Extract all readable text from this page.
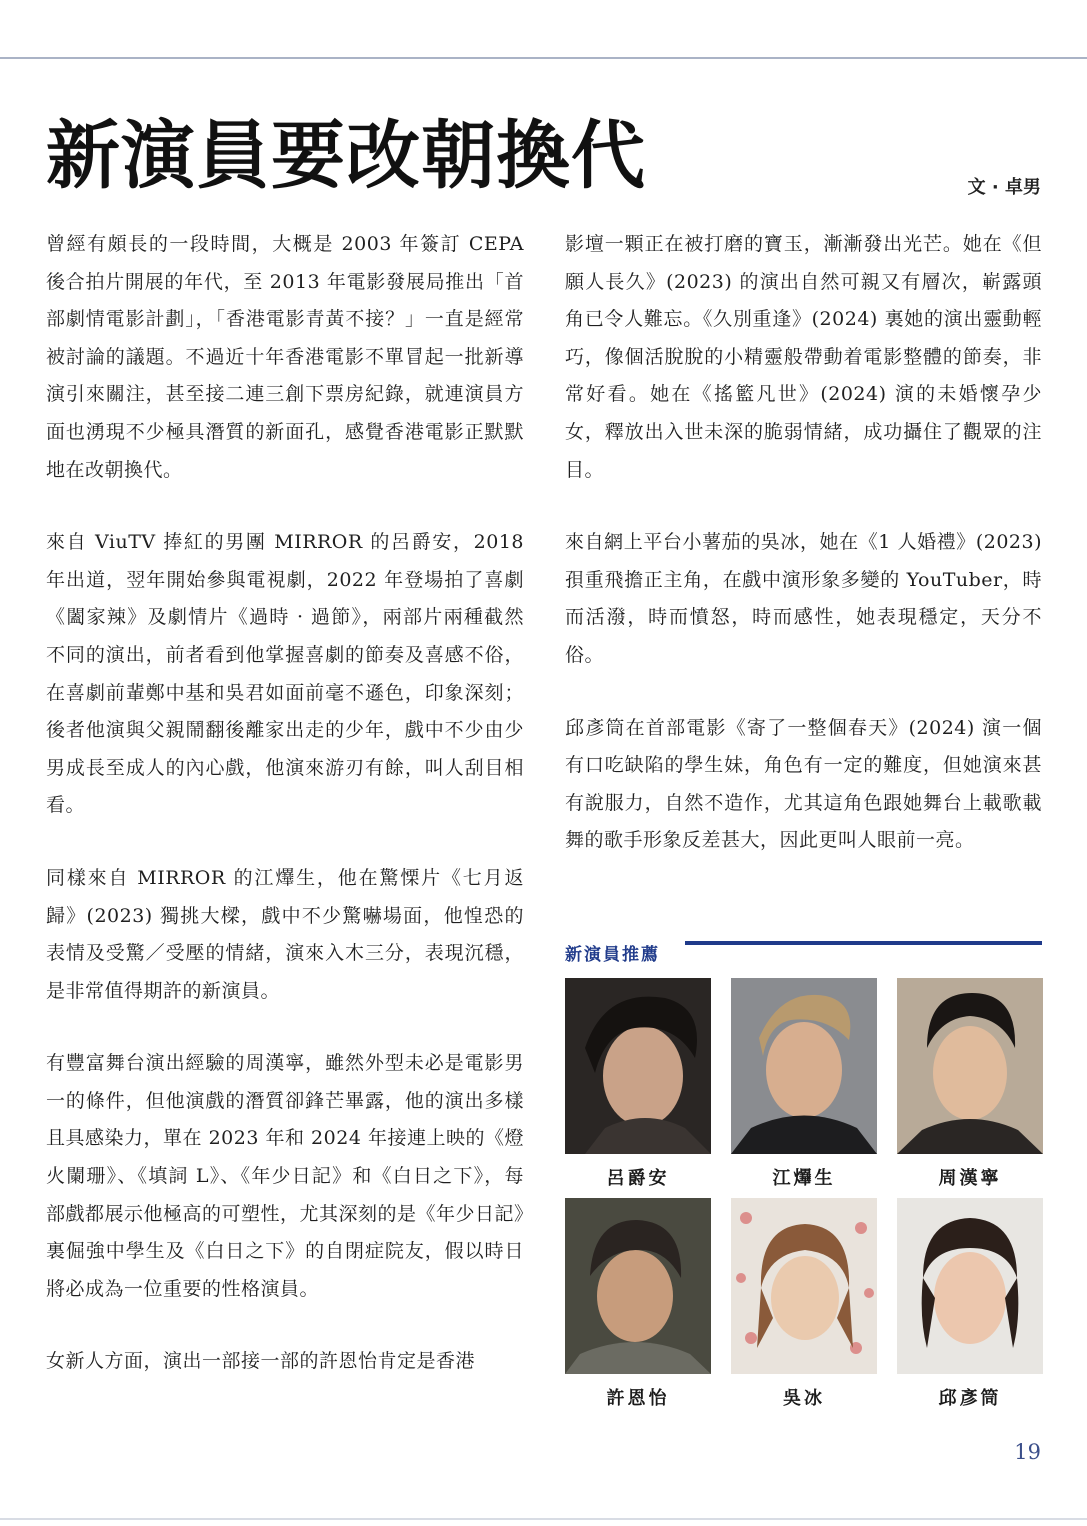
新演員要改朝換代	文 · 卓男

曾經有頗長的一段時間，大概是 2003 年簽訂 CEPA 後合拍片開展的年代，至 2013 年電影發展局推出「首部劇情電影計劃」，「香港電影青黃不接？」一直是經常被討論的議題。不過近十年香港電影不單冒起一批新導演引來關注，甚至接二連三創下票房紀錄，就連演員方面也湧現不少極具潛質的新面孔，感覺香港電影正默默地在改朝換代。

來自 ViuTV 捧紅的男團 MIRROR 的呂爵安，2018 年出道，翌年開始參與電視劇，2022 年登場拍了喜劇《闔家辣》及劇情片《過時 · 過節》，兩部片兩種截然不同的演出，前者看到他掌握喜劇的節奏及喜感不俗，在喜劇前輩鄭中基和吳君如面前毫不遜色，印象深刻；後者他演與父親鬧翻後離家出走的少年，戲中不少由少男成長至成人的內心戲，他演來游刃有餘，叫人刮目相看。

同樣來自 MIRROR 的江𤒹生，他在驚慄片《七月返歸》(2023) 獨挑大樑，戲中不少驚嚇場面，他惶恐的表情及受驚／受壓的情緒，演來入木三分，表現沉穩，是非常值得期許的新演員。

有豐富舞台演出經驗的周漢寧，雖然外型未必是電影男一的條件，但他演戲的潛質卻鋒芒畢露，他的演出多樣且具感染力，單在 2023 年和 2024 年接連上映的《燈火闌珊》、《填詞 L》、《年少日記》和《白日之下》，每部戲都展示他極高的可塑性，尤其深刻的是《年少日記》裏倔強中學生及《白日之下》的自閉症院友，假以時日將必成為一位重要的性格演員。

女新人方面，演出一部接一部的許恩怡肯定是香港

影壇一顆正在被打磨的寶玉，漸漸發出光芒。她在《但願人長久》(2023) 的演出自然可親又有層次，嶄露頭角已令人難忘。《久別重逢》(2024) 裏她的演出靈動輕巧，像個活脫脫的小精靈般帶動着電影整體的節奏，非常好看。她在《搖籃凡世》(2024) 演的未婚懷孕少女，釋放出入世未深的脆弱情緒，成功攝住了觀眾的注目。

來自網上平台小薯茄的吳冰，她在《1 人婚禮》(2023) 孭重飛擔正主角，在戲中演形象多變的 YouTuber，時而活潑，時而憤怒，時而感性，她表現穩定，天分不俗。

邱彥筒在首部電影《寄了一整個春天》(2024) 演一個有口吃缺陷的學生妹，角色有一定的難度，但她演來甚有說服力，自然不造作，尤其這角色跟她舞台上載歌載舞的歌手形象反差甚大，因此更叫人眼前一亮。

新演員推薦
呂爵安	江𤒹生	周漢寧
許恩怡	吳冰	邱彥筒
19
